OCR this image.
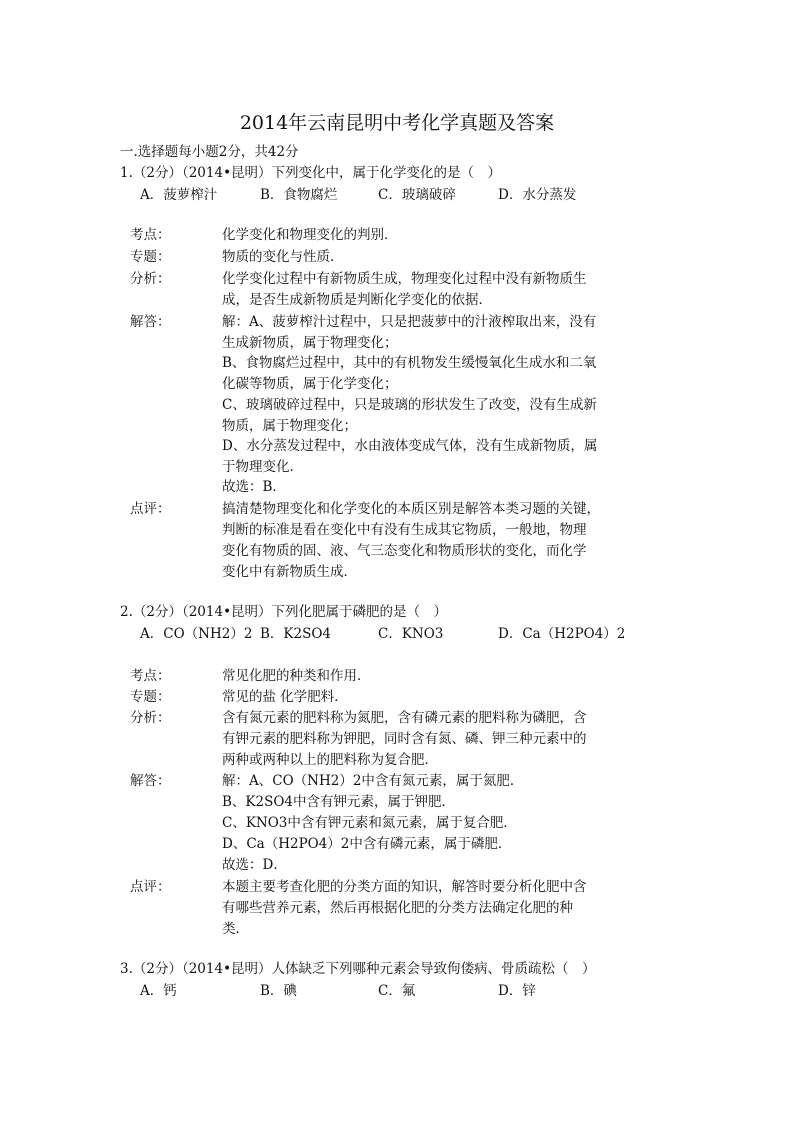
2014年云南昆明中考化学真题及答案
一.选择题每小题2分，共42分
1.（2分）（2014•昆明）下列变化中，属于化学变化的是（　）
A．菠萝榨汁	B．食物腐烂	C．玻璃破碎	D．水分蒸发
考点：	化学变化和物理变化的判别．
专题：	物质的变化与性质．
分析：	化学变化过程中有新物质生成，物理变化过程中没有新物质生
成，是否生成新物质是判断化学变化的依据．
解答：	解：A、菠萝榨汁过程中，只是把菠萝中的汁液榨取出来，没有
生成新物质，属于物理变化；
B、食物腐烂过程中，其中的有机物发生缓慢氧化生成水和二氧
化碳等物质，属于化学变化；
C、玻璃破碎过程中，只是玻璃的形状发生了改变，没有生成新
物质，属于物理变化；
D、水分蒸发过程中，水由液体变成气体，没有生成新物质，属
于物理变化．
故选：B．
点评：	搞清楚物理变化和化学变化的本质区别是解答本类习题的关键，
判断的标准是看在变化中有没有生成其它物质，一般地，物理
变化有物质的固、液、气三态变化和物质形状的变化，而化学
变化中有新物质生成．
2.（2分）（2014•昆明）下列化肥属于磷肥的是（　）
A．CO（NH2）2 B．K2SO4	C．KNO3	D．Ca（H2PO4）2
考点：	常见化肥的种类和作用．
专题：	常见的盐 化学肥料．
分析：	含有氮元素的肥料称为氮肥，含有磷元素的肥料称为磷肥，含
有钾元素的肥料称为钾肥，同时含有氮、磷、钾三种元素中的
两种或两种以上的肥料称为复合肥．
解答：	解：A、CO（NH2）2中含有氮元素，属于氮肥．
B、K2SO4中含有钾元素，属于钾肥．
C、KNO3中含有钾元素和氮元素，属于复合肥．
D、Ca（H2PO4）2中含有磷元素，属于磷肥．
故选：D．
点评：	本题主要考查化肥的分类方面的知识，解答时要分析化肥中含
有哪些营养元素，然后再根据化肥的分类方法确定化肥的种
类．
3.（2分）（2014•昆明）人体缺乏下列哪种元素会导致佝偻病、骨质疏松（　）
A．钙	B．碘	C．氟	D．锌
